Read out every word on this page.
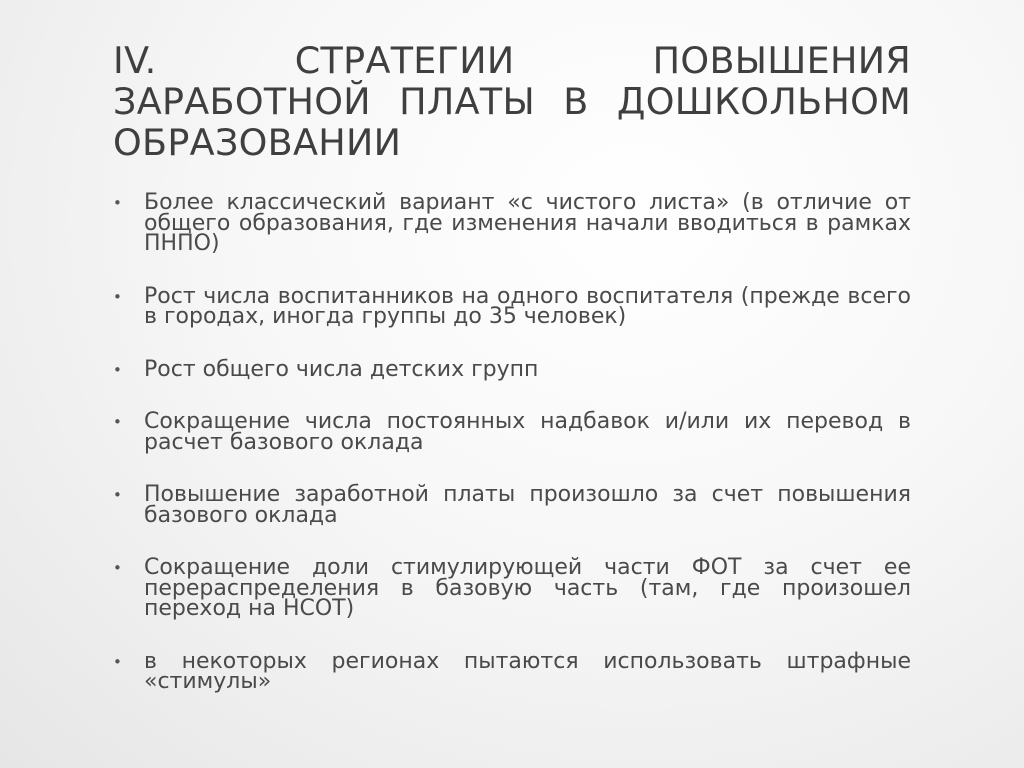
IV. СТРАТЕГИИ ПОВЫШЕНИЯ
ЗАРАБОТНОЙ ПЛАТЫ В ДОШКОЛЬНОМ
ОБРАЗОВАНИИ
• Более классический вариант «с чистого листа» (в отличие от общего образования, где изменения начали вводиться в рамках ПНПО)
• Рост числа воспитанников на одного воспитателя (прежде всего в городах, иногда группы до 35 человек)
• Рост общего числа детских групп
• Сокращение числа постоянных надбавок и/или их перевод в расчет базового оклада
• Повышение заработной платы произошло за счет повышения базового оклада
• Сокращение доли стимулирующей части ФОТ за счет ее перераспределения в базовую часть (там, где произошел переход на НСОТ)
• в некоторых регионах пытаются использовать штрафные «стимулы»
